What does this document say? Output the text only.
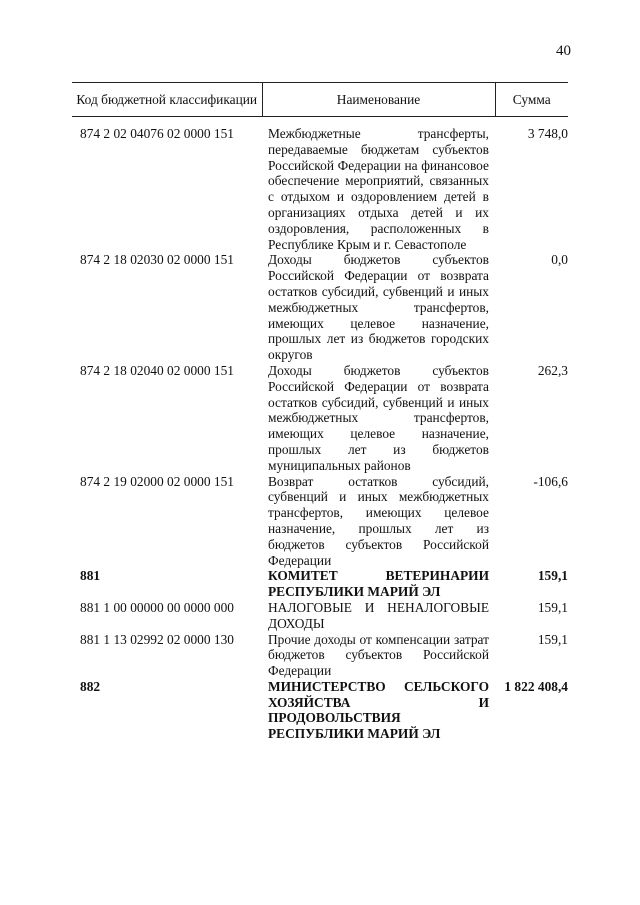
40
Код бюджетной классификации	Наименование	Сумма
874 2 02 04076 02 0000 151	Межбюджетные трансферты, передаваемые бюджетам субъектов Российской Федерации на финансовое обеспечение мероприятий, связанных с отдыхом и оздоровлением детей в организациях отдыха детей и их оздоровления, расположенных в Республике Крым и г. Севастополе	3 748,0
874 2 18 02030 02 0000 151	Доходы бюджетов субъектов Российской Федерации от возврата остатков субсидий, субвенций и иных межбюджетных трансфертов, имеющих целевое назначение, прошлых лет из бюджетов городских округов	0,0
874 2 18 02040 02 0000 151	Доходы бюджетов субъектов Российской Федерации от возврата остатков субсидий, субвенций и иных межбюджетных трансфертов, имеющих целевое назначение, прошлых лет из бюджетов муниципальных районов	262,3
874 2 19 02000 02 0000 151	Возврат остатков субсидий, субвенций и иных межбюджетных трансфертов, имеющих целевое назначение, прошлых лет из бюджетов субъектов Российской Федерации	-106,6
881	КОМИТЕТ ВЕТЕРИНАРИИ РЕСПУБЛИКИ МАРИЙ ЭЛ	159,1
881 1 00 00000 00 0000 000	НАЛОГОВЫЕ И НЕНАЛОГОВЫЕ ДОХОДЫ	159,1
881 1 13 02992 02 0000 130	Прочие доходы от компенсации затрат бюджетов субъектов Российской Федерации	159,1
882	МИНИСТЕРСТВО СЕЛЬСКОГО ХОЗЯЙСТВА И ПРОДОВОЛЬСТВИЯ РЕСПУБЛИКИ МАРИЙ ЭЛ	1 822 408,4
